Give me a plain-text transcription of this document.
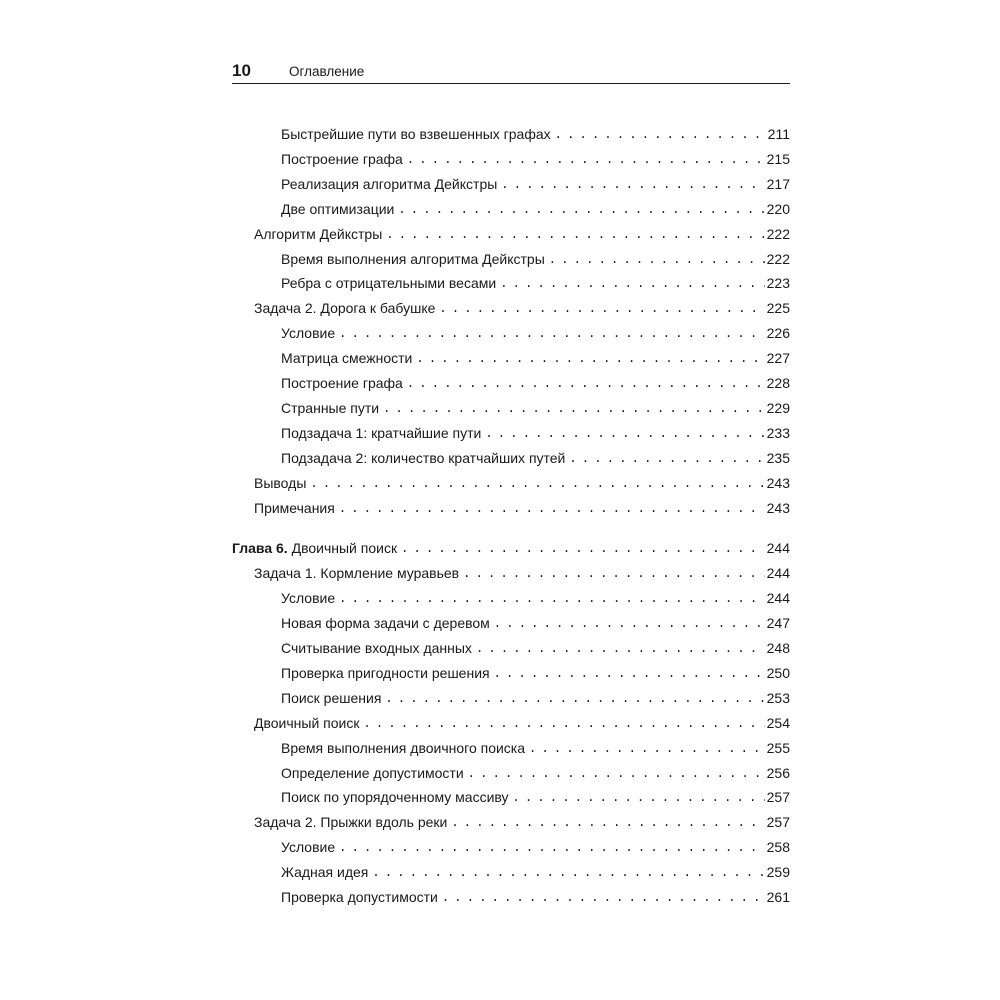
10	Оглавление
Быстрейшие пути во взвешенных графах . . .	211
Построение графа . . .	215
Реализация алгоритма Дейкстры . . .	217
Две оптимизации . . .	220
Алгоритм Дейкстры . . .	222
Время выполнения алгоритма Дейкстры . . .	222
Ребра с отрицательными весами . . .	223
Задача 2. Дорога к бабушке . . .	225
Условие . . .	226
Матрица смежности . . .	227
Построение графа . . .	228
Странные пути . . .	229
Подзадача 1: кратчайшие пути . . .	233
Подзадача 2: количество кратчайших путей . . .	235
Выводы . . .	243
Примечания . . .	243
Глава 6. Двоичный поиск . . .	244
Задача 1. Кормление муравьев . . .	244
Условие . . .	244
Новая форма задачи с деревом . . .	247
Считывание входных данных . . .	248
Проверка пригодности решения . . .	250
Поиск решения . . .	253
Двоичный поиск . . .	254
Время выполнения двоичного поиска . . .	255
Определение допустимости . . .	256
Поиск по упорядоченному массиву . . .	257
Задача 2. Прыжки вдоль реки . . .	257
Условие . . .	258
Жадная идея . . .	259
Проверка допустимости . . .	261
